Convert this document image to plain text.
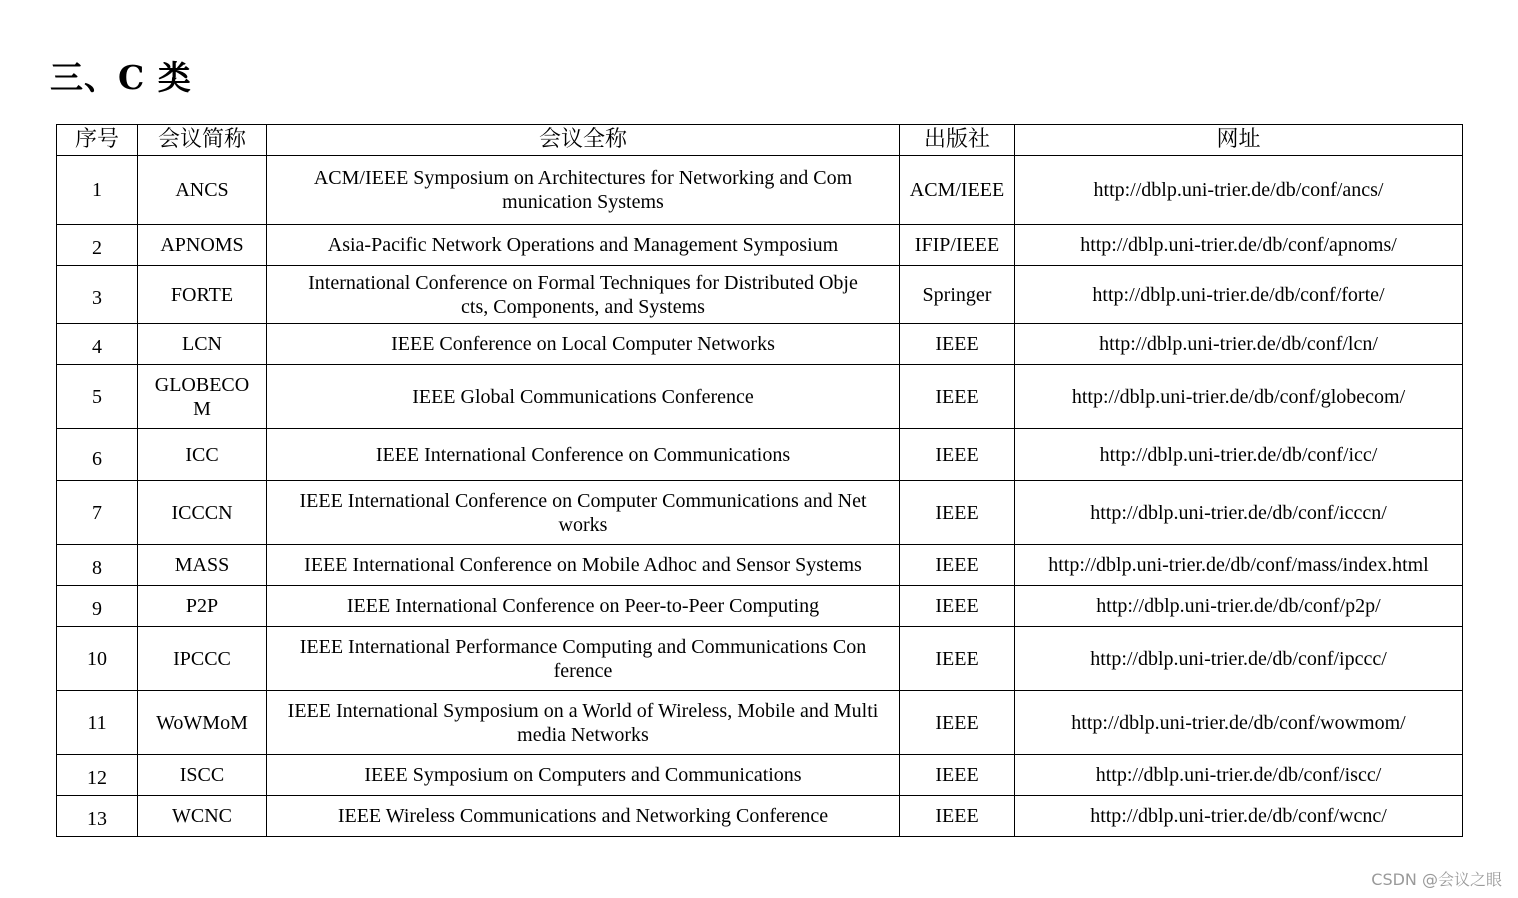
三、C 类
序号	会议简称	会议全称	出版社	网址
1	ANCS	ACM/IEEE Symposium on Architectures for Networking and Communication Systems	ACM/IEEE	http://dblp.uni-trier.de/db/conf/ancs/
2	APNOMS	Asia-Pacific Network Operations and Management Symposium	IFIP/IEEE	http://dblp.uni-trier.de/db/conf/apnoms/
3	FORTE	International Conference on Formal Techniques for Distributed Objects, Components, and Systems	Springer	http://dblp.uni-trier.de/db/conf/forte/
4	LCN	IEEE Conference on Local Computer Networks	IEEE	http://dblp.uni-trier.de/db/conf/lcn/
5	GLOBECOM	IEEE Global Communications Conference	IEEE	http://dblp.uni-trier.de/db/conf/globecom/
6	ICC	IEEE International Conference on Communications	IEEE	http://dblp.uni-trier.de/db/conf/icc/
7	ICCCN	IEEE International Conference on Computer Communications and Networks	IEEE	http://dblp.uni-trier.de/db/conf/icccn/
8	MASS	IEEE International Conference on Mobile Adhoc and Sensor Systems	IEEE	http://dblp.uni-trier.de/db/conf/mass/index.html
9	P2P	IEEE International Conference on Peer-to-Peer Computing	IEEE	http://dblp.uni-trier.de/db/conf/p2p/
10	IPCCC	IEEE International Performance Computing and Communications Conference	IEEE	http://dblp.uni-trier.de/db/conf/ipccc/
11	WoWMoM	IEEE International Symposium on a World of Wireless, Mobile and Multimedia Networks	IEEE	http://dblp.uni-trier.de/db/conf/wowmom/
12	ISCC	IEEE Symposium on Computers and Communications	IEEE	http://dblp.uni-trier.de/db/conf/iscc/
13	WCNC	IEEE Wireless Communications and Networking Conference	IEEE	http://dblp.uni-trier.de/db/conf/wcnc/
CSDN @会议之眼
